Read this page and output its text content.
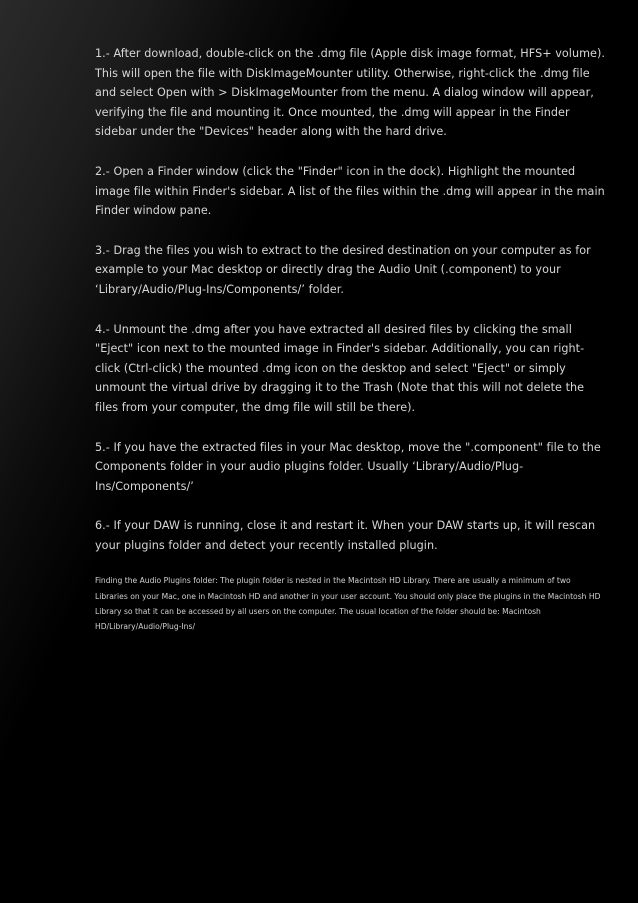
1.- After download, double-click on the .dmg file (Apple disk image format, HFS+ volume). This will open the file with DiskImageMounter utility. Otherwise, right-click the .dmg file and select Open with > DiskImageMounter from the menu. A dialog window will appear, verifying the file and mounting it. Once mounted, the .dmg will appear in the Finder sidebar under the "Devices" header along with the hard drive.

2.- Open a Finder window (click the "Finder" icon in the dock). Highlight the mounted image file within Finder's sidebar. A list of the files within the .dmg will appear in the main Finder window pane.

3.- Drag the files you wish to extract to the desired destination on your computer as for example to your Mac desktop or directly drag the Audio Unit (.component) to your ‘Library/Audio/Plug-Ins/Components/’ folder.

4.- Unmount the .dmg after you have extracted all desired files by clicking the small "Eject" icon next to the mounted image in Finder's sidebar. Additionally, you can right-click (Ctrl-click) the mounted .dmg icon on the desktop and select "Eject" or simply unmount the virtual drive by dragging it to the Trash (Note that this will not delete the files from your computer, the dmg file will still be there).

5.- If you have the extracted files in your Mac desktop, move the ".component" file to the Components folder in your audio plugins folder. Usually ‘Library/Audio/Plug-Ins/Components/’

6.- If your DAW is running, close it and restart it. When your DAW starts up, it will rescan your plugins folder and detect your recently installed plugin.

Finding the Audio Plugins folder: The plugin folder is nested in the Macintosh HD Library. There are usually a minimum of two Libraries on your Mac, one in Macintosh HD and another in your user account. You should only place the plugins in the Macintosh HD Library so that it can be accessed by all users on the computer. The usual location of the folder should be: Macintosh HD/Library/Audio/Plug-Ins/
